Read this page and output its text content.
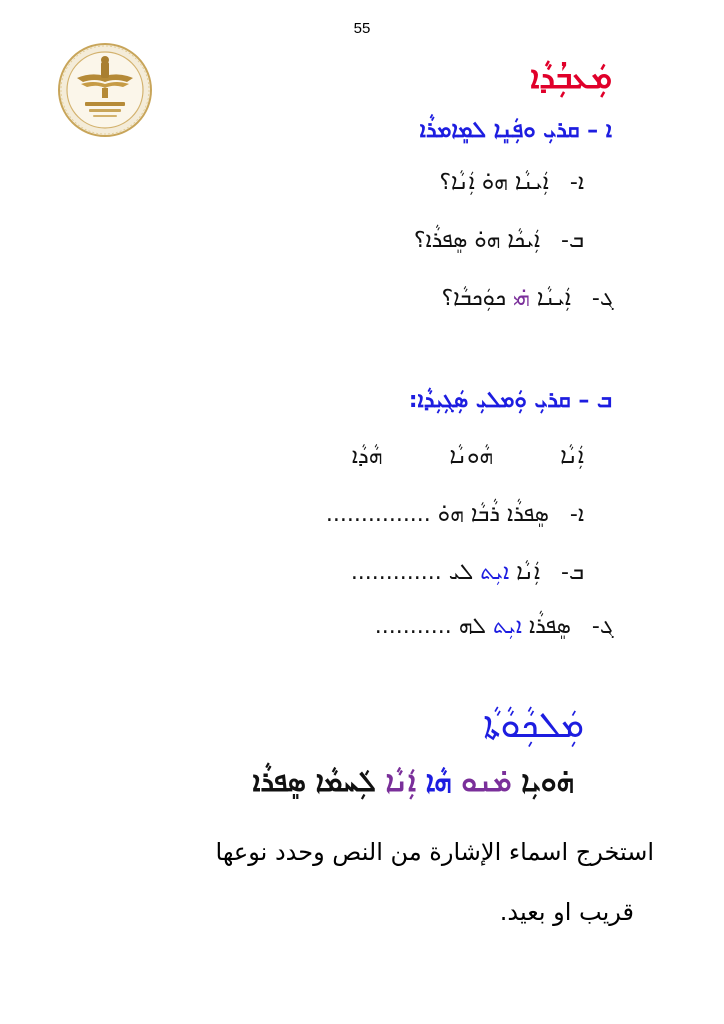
55
ܡܲܥܒܼܳܕܵܐ
ܐ – ܩܪܝܼ ܘܦܲܢܸܐ ܠܡܸܐܡܪܵܐ
ܐ- ܐܲܝܢܵܐ ܗܘ̇ ܐܲܢܵܐ؟
ܒ- ܐܲܝܟܵܐ ܗܘ̇ ܣܸܦܪܵܐ؟
ܓ- ܐܲܝܢܵܐ ܗ̇ܝ ܟܘܲܟܒܵܐ؟
ܒ – ܩܪܝܼ ܘܲܡܠܝܼ ܣܲܓܼܝܼܕܵܐ:
ܐܲܢܵܐ ܗܵܘܢܵܐ ܗܵܕܵܐ
ܐ- ܣܸܦܪܵܐ ܪܵܒܵܐ ܗܘ̇ ...............
ܒ- ܐܲܢܵܐ ܐܝܼܬ ܠܝ .............
ܓ- ܣܸܦܪܵܐ ܐܝܼܬ ܠܗ ...........
ܡܲܠܟܼܵܘܵܬܵܐ
ܗ̇ܘܝܼܐ ܡ̇ܢܘ ܗܵܐ ܐܲܢܵܐ ܠܲܚܡܵܐ ܣܸܦܪܵܐ
استخرج اسماء الإشارة من النص وحدد نوعها
قريب او بعيد.
